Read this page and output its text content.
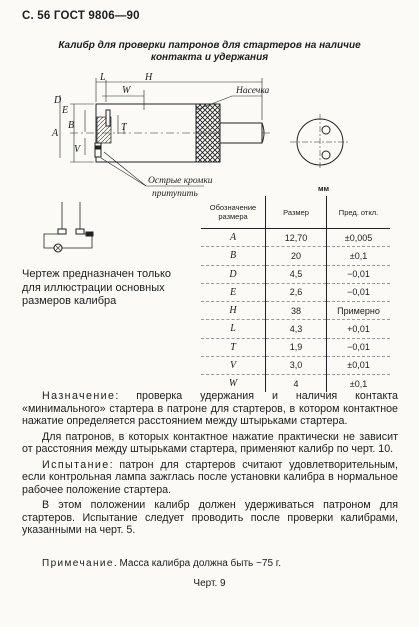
С. 56 ГОСТ 9806—90
Калибр для проверки патронов для стартеров на наличие
контакта и удержания
L	H
W
D
E
A
B
V
T
Насечка
Острые кромки
притупить
Чертеж предназначен только для иллюстрации основных размеров калибра
мм
Обозначение размера	Размер	Пред. откл.
A	12,70	±0,005
B	20	±0,1
D	4,5	−0,01
E	2,6	−0,01
H	38	Примерно
L	4,3	+0,01
T	1,9	−0,01
V	3,0	±0,01
W	4	±0,1

Назначение: проверка удержания и наличия контакта «минимального» стартера в патроне для стартеров, в котором контактное нажатие определяется расстоянием между штырьками стартера.

Для патронов, в которых контактное нажатие практически не зависит от расстояния между штырьками стартера, применяют калибр по черт. 10.

Испытание: патрон для стартеров считают удовлетворительным, если контрольная лампа зажглась после установки калибра в нормальное рабочее положение стартера.

В этом положении калибр должен удерживаться патроном для стартеров. Испытание следует проводить после проверки калибрами, указанными на черт. 5.

Примечание. Масса калибра должна быть ~75 г.
Черт. 9
